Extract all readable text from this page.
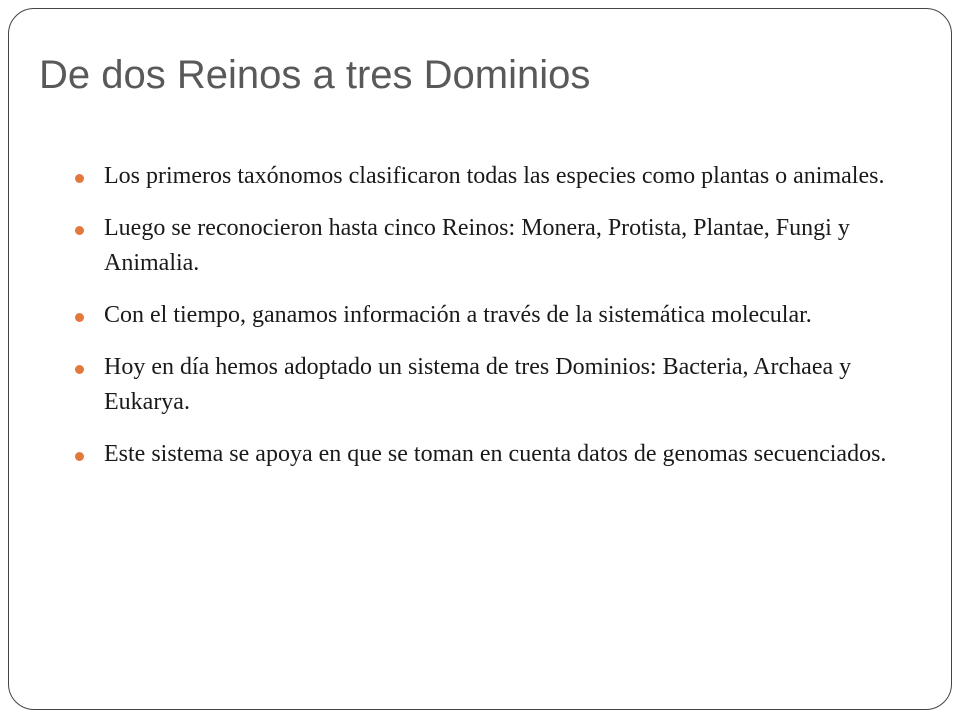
De dos Reinos a tres Dominios
Los primeros taxónomos clasificaron todas las especies como plantas o animales.
Luego se reconocieron hasta cinco Reinos: Monera, Protista, Plantae, Fungi y Animalia.
Con el tiempo, ganamos información a través de la sistemática molecular.
Hoy en día hemos adoptado un sistema de tres Dominios: Bacteria, Archaea y Eukarya.
Este sistema se apoya en que se toman en cuenta datos de genomas secuenciados.
